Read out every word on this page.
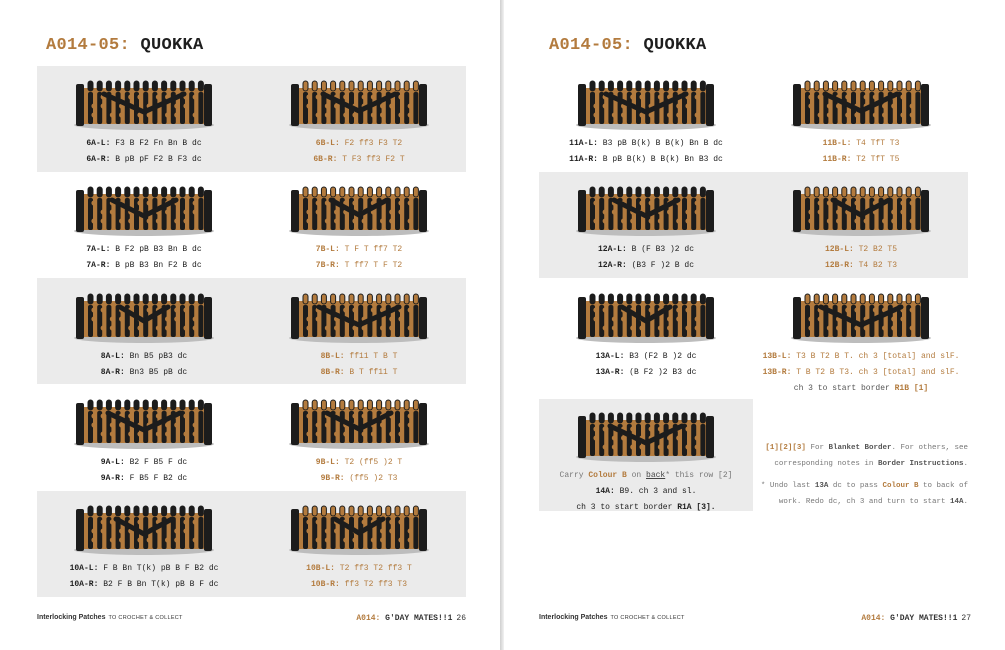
A014-05: QUOKKA
6A-L: F3 B F2 Fn Bn B dc
6A-R: B pB pF F2 B F3 dc
6B-L: F2 ff3 F3 T2
6B-R: T F3 ff3 F2 T
7A-L: B F2 pB B3 Bn B dc
7A-R: B pB B3 Bn F2 B dc
7B-L: T F T ff7 T2
7B-R: T ff7 T F T2
8A-L: Bn B5 pB3 dc
8A-R: Bn3 B5 pB dc
8B-L: ff11 T B T
8B-R: B T ff11 T
9A-L: B2 F B5 F dc
9A-R: F B5 F B2 dc
9B-L: T2 (ff5 )2 T
9B-R: (ff5 )2 T3
10A-L: F B Bn T(k) pB B F B2 dc
10A-R: B2 F B Bn T(k) pB B F dc
10B-L: T2 ff3 T2 ff3 T
10B-R: ff3 T2 ff3 T3
Interlocking Patches TO CROCHET & COLLECT	A014: G'DAY MATES!!1 26
A014-05: QUOKKA
11A-L: B3 pB B(k) B B(k) Bn B dc
11A-R: B pB B(k) B B(k) Bn B3 dc
11B-L: T4 TfT T3
11B-R: T2 TfT T5
12A-L: B (F B3 )2 dc
12A-R: (B3 F )2 B dc
12B-L: T2 B2 T5
12B-R: T4 B2 T3
13A-L: B3 (F2 B )2 dc
13A-R: (B F2 )2 B3 dc
13B-L: T3 B T2 B T. ch 3 [total] and slF.
13B-R: T B T2 B T3. ch 3 [total] and slF.
ch 3 to start border R1B [1]
Carry Colour B on back* this row [2]
14A: B9. ch 3 and sl.
ch 3 to start border R1A [3].
[1][2][3] For Blanket Border. For others, see
corresponding notes in Border Instructions.
* Undo last 13A dc to pass Colour B to back of
work. Redo dc, ch 3 and turn to start 14A.
Interlocking Patches TO CROCHET & COLLECT	A014: G'DAY MATES!!1 27
